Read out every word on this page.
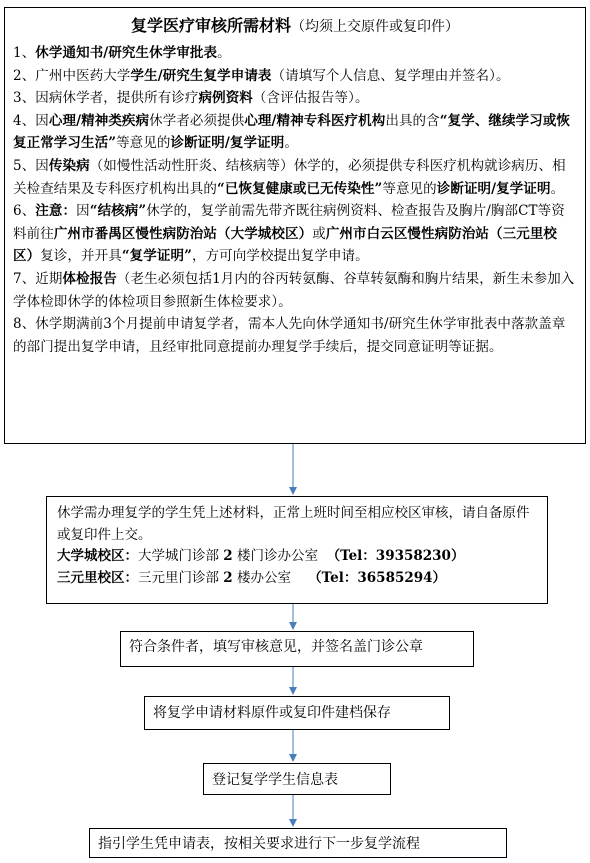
复学医疗审核所需材料（均须上交原件或复印件）
1、休学通知书/研究生休学审批表。
2、广州中医药大学学生/研究生复学申请表（请填写个人信息、复学理由并签名）。
3、因病休学者，提供所有诊疗病例资料（含评估报告等）。
4、因心理/精神类疾病休学者必须提供心理/精神专科医疗机构出具的含“复学、继续学习或恢复正常学习生活”等意见的诊断证明/复学证明。
5、因传染病（如慢性活动性肝炎、结核病等）休学的，必须提供专科医疗机构就诊病历、相关检查结果及专科医疗机构出具的“已恢复健康或已无传染性”等意见的诊断证明/复学证明。
6、注意：因“结核病”休学的，复学前需先带齐既往病例资料、检查报告及胸片/胸部CT等资料前往广州市番禺区慢性病防治站（大学城校区）或广州市白云区慢性病防治站（三元里校区）复诊，并开具“复学证明”，方可向学校提出复学申请。
7、近期体检报告（老生必须包括1月内的谷丙转氨酶、谷草转氨酶和胸片结果，新生未参加入学体检即休学的体检项目参照新生体检要求）。
8、休学期满前3个月提前申请复学者，需本人先向休学通知书/研究生休学审批表中落款盖章的部门提出复学申请，且经审批同意提前办理复学手续后，提交同意证明等证据。
休学需办理复学的学生凭上述材料，正常上班时间至相应校区审核，请自备原件或复印件上交。
大学城校区：大学城门诊部 2 楼门诊办公室 （Tel：39358230）
三元里校区：三元里门诊部 2 楼办公室 （Tel：36585294）
符合条件者，填写审核意见，并签名盖门诊公章
将复学申请材料原件或复印件建档保存
登记复学学生信息表
指引学生凭申请表，按相关要求进行下一步复学流程
